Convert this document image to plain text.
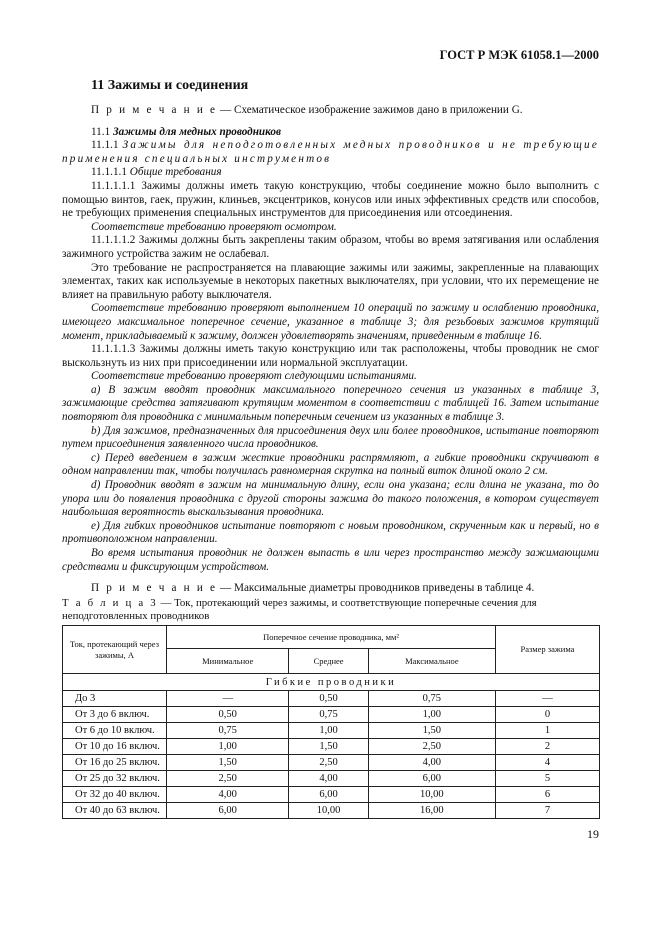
ГОСТ Р МЭК 61058.1—2000
11 Зажимы и соединения

П р и м е ч а н и е — Схематическое изображение зажимов дано в приложении G.

11.1 Зажимы для медных проводников

11.1.1 Зажимы для неподготовленных медных проводников и не требующие применения специальных инструментов

11.1.1.1 Общие требования

11.1.1.1.1 Зажимы должны иметь такую конструкцию, чтобы соединение можно было выполнить с помощью винтов, гаек, пружин, клиньев, эксцентриков, конусов или иных эффективных средств или способов, не требующих применения специальных инструментов для присоединения или отсоединения.

Соответствие требованию проверяют осмотром.

11.1.1.1.2 Зажимы должны быть закреплены таким образом, чтобы во время затягивания или ослабления зажимного устройства зажим не ослабевал.

Это требование не распространяется на плавающие зажимы или зажимы, закрепленные на плавающих элементах, таких как используемые в некоторых пакетных выключателях, при условии, что их перемещение не влияет на правильную работу выключателя.

Соответствие требованию проверяют выполнением 10 операций по зажиму и ослаблению проводника, имеющего максимальное поперечное сечение, указанное в таблице 3; для резьбовых зажимов крутящий момент, прикладываемый к зажиму, должен удовлетворять значениям, приведенным в таблице 16.

11.1.1.1.3 Зажимы должны иметь такую конструкцию или так расположены, чтобы проводник не смог выскользнуть из них при присоединении или нормальной эксплуатации.

Соответствие требованию проверяют следующими испытаниями.

а) В зажим вводят проводник максимального поперечного сечения из указанных в таблице 3, зажимающие средства затягивают крутящим моментом в соответствии с таблицей 16. Затем испытание повторяют для проводника с минимальным поперечным сечением из указанных в таблице 3.

b) Для зажимов, предназначенных для присоединения двух или более проводников, испытание повторяют путем присоединения заявленного числа проводников.

с) Перед введением в зажим жесткие проводники распрямляют, а гибкие проводники скручивают в одном направлении так, чтобы получилась равномерная скрутка на полный виток длиной около 2 см.

d) Проводник вводят в зажим на минимальную длину, если она указана; если длина не указана, то до упора или до появления проводника с другой стороны зажима до такого положения, в котором существует наибольшая вероятность выскальзывания проводника.

е) Для гибких проводников испытание повторяют с новым проводником, скрученным как и первый, но в противоположном направлении.

Во время испытания проводник не должен выпасть в или через пространство между зажимающими средствами и фиксирующим устройством.

П р и м е ч а н и е — Максимальные диаметры проводников приведены в таблице 4.

Т а б л и ц а 3 — Ток, протекающий через зажимы, и соответствующие поперечные сечения для неподготовленных проводников
Ток, протекающий через зажимы, А	Поперечное сечение проводника, мм²			Размер зажима
	Минимальное	Среднее	Максимальное	
Гибкие проводники				
До 3	—	0,50	0,75	—
От 3 до 6 включ.	0,50	0,75	1,00	0
От 6 до 10 включ.	0,75	1,00	1,50	1
От 10 до 16 включ.	1,00	1,50	2,50	2
От 16 до 25 включ.	1,50	2,50	4,00	4
От 25 до 32 включ.	2,50	4,00	6,00	5
От 32 до 40 включ.	4,00	6,00	10,00	6
От 40 до 63 включ.	6,00	10,00	16,00	7
19
